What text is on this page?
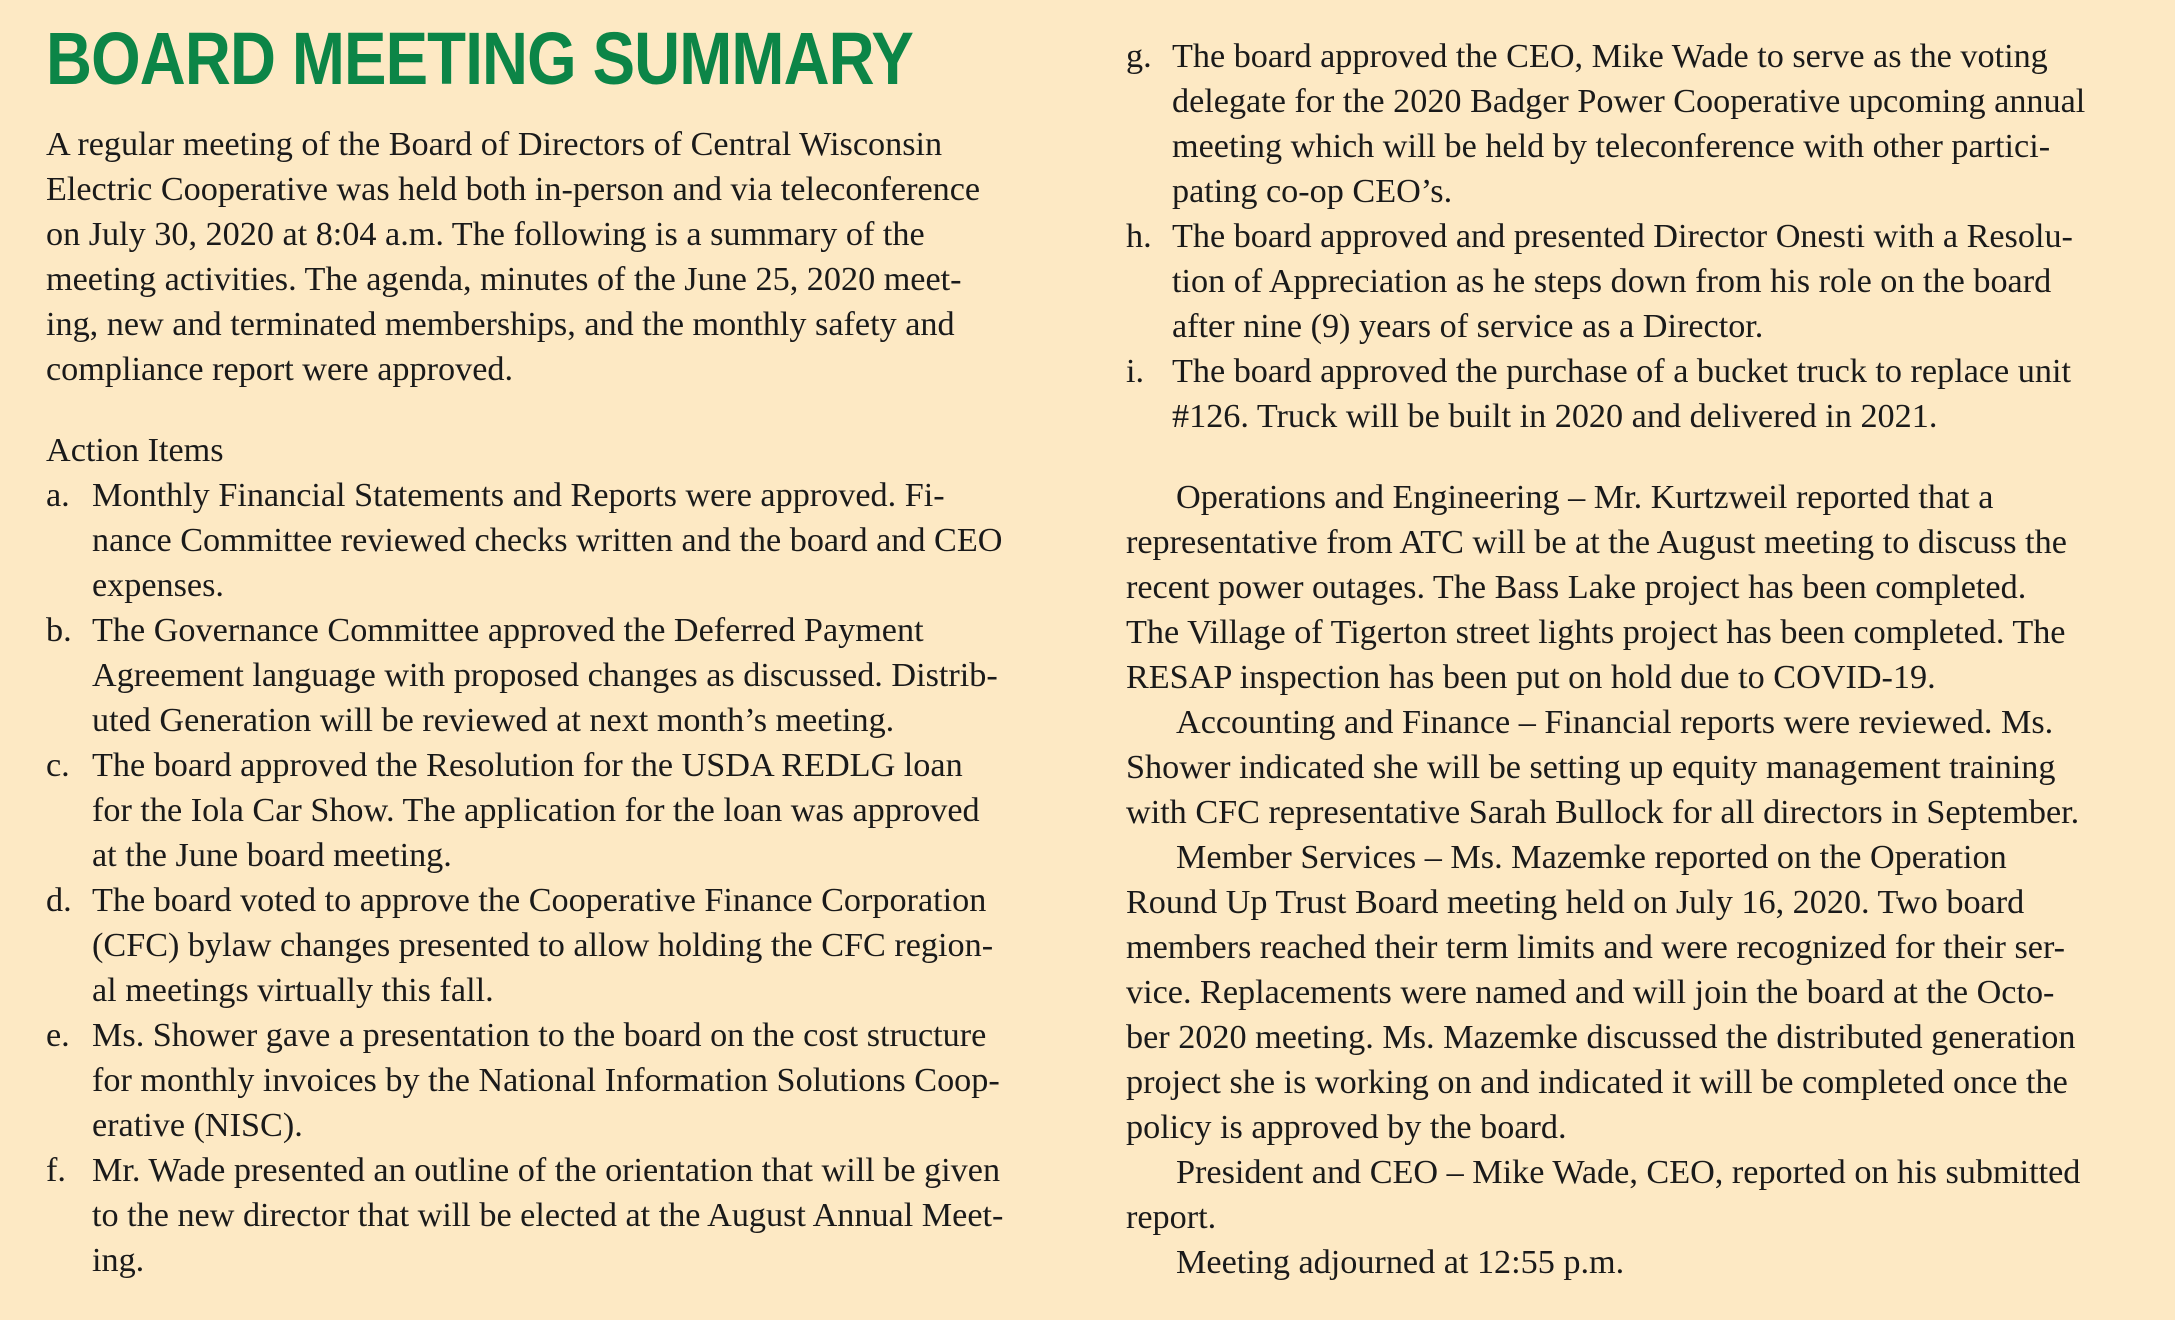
BOARD MEETING SUMMARY
A regular meeting of the Board of Directors of Central Wisconsin
Electric Cooperative was held both in-person and via teleconference
on July 30, 2020 at 8:04 a.m. The following is a summary of the
meeting activities. The agenda, minutes of the June 25, 2020 meet-
ing, new and terminated memberships, and the monthly safety and
compliance report were approved.
Action Items
a. Monthly Financial Statements and Reports were approved. Fi-
nance Committee reviewed checks written and the board and CEO
expenses.
b. The Governance Committee approved the Deferred Payment
Agreement language with proposed changes as discussed. Distrib-
uted Generation will be reviewed at next month’s meeting.
c. The board approved the Resolution for the USDA REDLG loan
for the Iola Car Show. The application for the loan was approved
at the June board meeting.
d. The board voted to approve the Cooperative Finance Corporation
(CFC) bylaw changes presented to allow holding the CFC region-
al meetings virtually this fall.
e. Ms. Shower gave a presentation to the board on the cost structure
for monthly invoices by the National Information Solutions Coop-
erative (NISC).
f. Mr. Wade presented an outline of the orientation that will be given
to the new director that will be elected at the August Annual Meet-
ing.
g. The board approved the CEO, Mike Wade to serve as the voting
delegate for the 2020 Badger Power Cooperative upcoming annual
meeting which will be held by teleconference with other partici-
pating co-op CEO’s.
h. The board approved and presented Director Onesti with a Resolu-
tion of Appreciation as he steps down from his role on the board
after nine (9) years of service as a Director.
i. The board approved the purchase of a bucket truck to replace unit
#126. Truck will be built in 2020 and delivered in 2021.
Operations and Engineering – Mr. Kurtzweil reported that a
representative from ATC will be at the August meeting to discuss the
recent power outages. The Bass Lake project has been completed.
The Village of Tigerton street lights project has been completed. The
RESAP inspection has been put on hold due to COVID-19.
Accounting and Finance – Financial reports were reviewed. Ms.
Shower indicated she will be setting up equity management training
with CFC representative Sarah Bullock for all directors in September.
Member Services – Ms. Mazemke reported on the Operation
Round Up Trust Board meeting held on July 16, 2020. Two board
members reached their term limits and were recognized for their ser-
vice. Replacements were named and will join the board at the Octo-
ber 2020 meeting. Ms. Mazemke discussed the distributed generation
project she is working on and indicated it will be completed once the
policy is approved by the board.
President and CEO – Mike Wade, CEO, reported on his submitted
report.
Meeting adjourned at 12:55 p.m.
